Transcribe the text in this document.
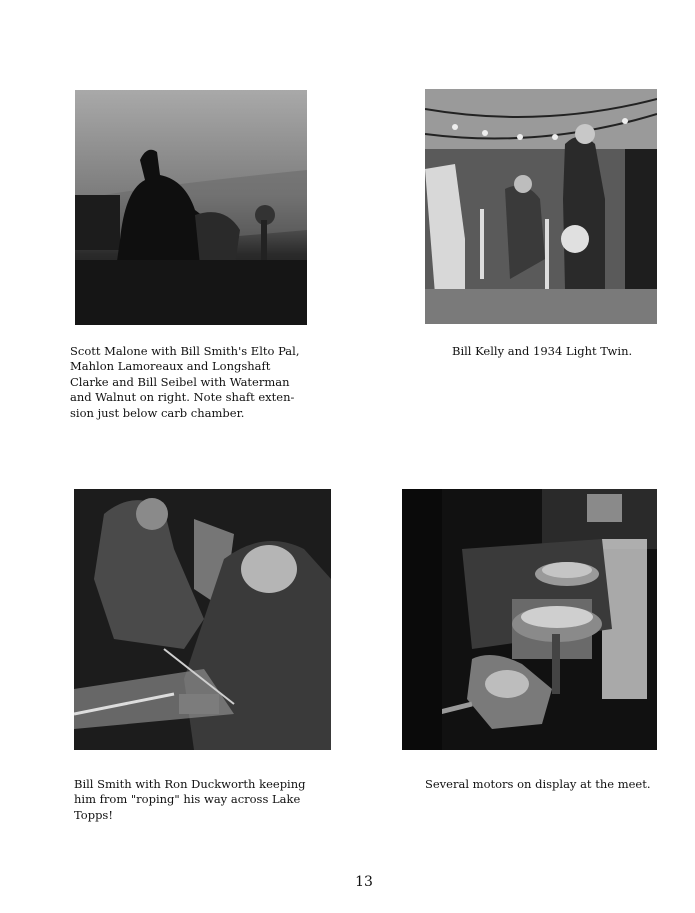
Scott Malone with Bill Smith's Elto Pal,
Mahlon Lamoreaux and Longshaft
Clarke and Bill Seibel with Waterman
and Walnut on right. Note shaft exten-
sion just below carb chamber.

Bill Kelly and 1934 Light Twin.

Bill Smith with Ron Duckworth keeping
him from "roping" his way across Lake
Topps!

Several motors on display at the meet.

13
